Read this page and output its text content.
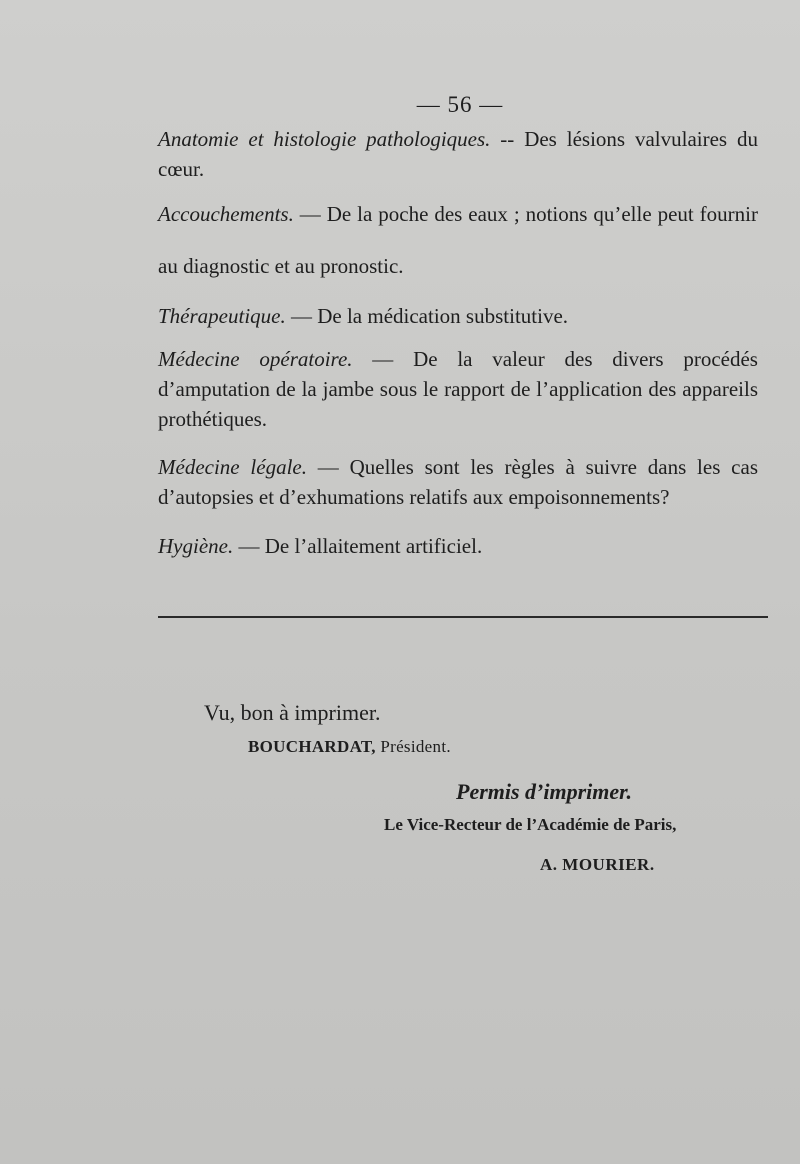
— 56 —
Anatomie et histologie pathologiques. -- Des lésions valvulaires du cœur.
Accouchements. — De la poche des eaux ; notions qu’elle peut fournir au diagnostic et au pronostic.
Thérapeutique. — De la médication substitutive.
Médecine opératoire. — De la valeur des divers procédés d’amputation de la jambe sous le rapport de l’application des appareils prothétiques.
Médecine légale. — Quelles sont les règles à suivre dans les cas d’autopsies et d’exhumations relatifs aux empoisonnements?
Hygiène. — De l’allaitement artificiel.
Vu, bon à imprimer.
BOUCHARDAT, Président.
Permis d’imprimer.
Le Vice-Recteur de l’Académie de Paris,
A. MOURIER.
